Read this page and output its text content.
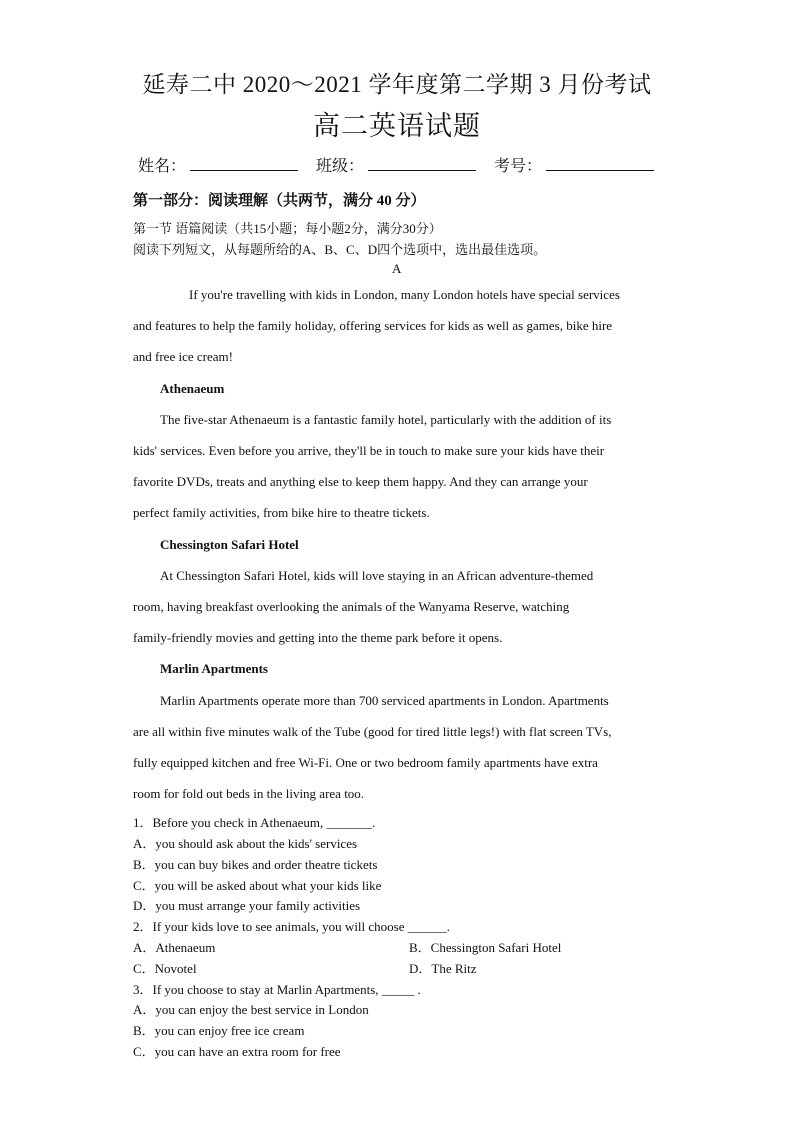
延寿二中 2020～2021 学年度第二学期 3 月份考试
高二英语试题
姓名：	班级：	考号：
第一部分：阅读理解（共两节，满分 40 分）
第一节 语篇阅读（共15小题；每小题2分，满分30分）
阅读下列短文，从每题所给的A、B、C、D四个选项中，选出最佳选项。
A
If you're travelling with kids in London, many London hotels have special services
and features to help the family holiday, offering services for kids as well as games, bike hire
and free ice cream!
Athenaeum
The five-star Athenaeum is a fantastic family hotel, particularly with the addition of its
kids' services. Even before you arrive, they'll be in touch to make sure your kids have their
favorite DVDs, treats and anything else to keep them happy. And they can arrange your
perfect family activities, from bike hire to theatre tickets.
Chessington Safari Hotel
At Chessington Safari Hotel, kids will love staying in an African adventure-themed
room, having breakfast overlooking the animals of the Wanyama Reserve, watching
family-friendly movies and getting into the theme park before it opens.
Marlin Apartments
Marlin Apartments operate more than 700 serviced apartments in London. Apartments
are all within five minutes walk of the Tube (good for tired little legs!) with flat screen TVs,
fully equipped kitchen and free Wi-Fi. One or two bedroom family apartments have extra
room for fold out beds in the living area too.
1．Before you check in Athenaeum, _______.
A．you should ask about the kids' services
B．you can buy bikes and order theatre tickets
C．you will be asked about what your kids like
D．you must arrange your family activities
2．If your kids love to see animals, you will choose ______.
A．Athenaeum	B．Chessington Safari Hotel
C．Novotel	D．The Ritz
3．If you choose to stay at Marlin Apartments, _____ .
A．you can enjoy the best service in London
B．you can enjoy free ice cream
C．you can have an extra room for free
